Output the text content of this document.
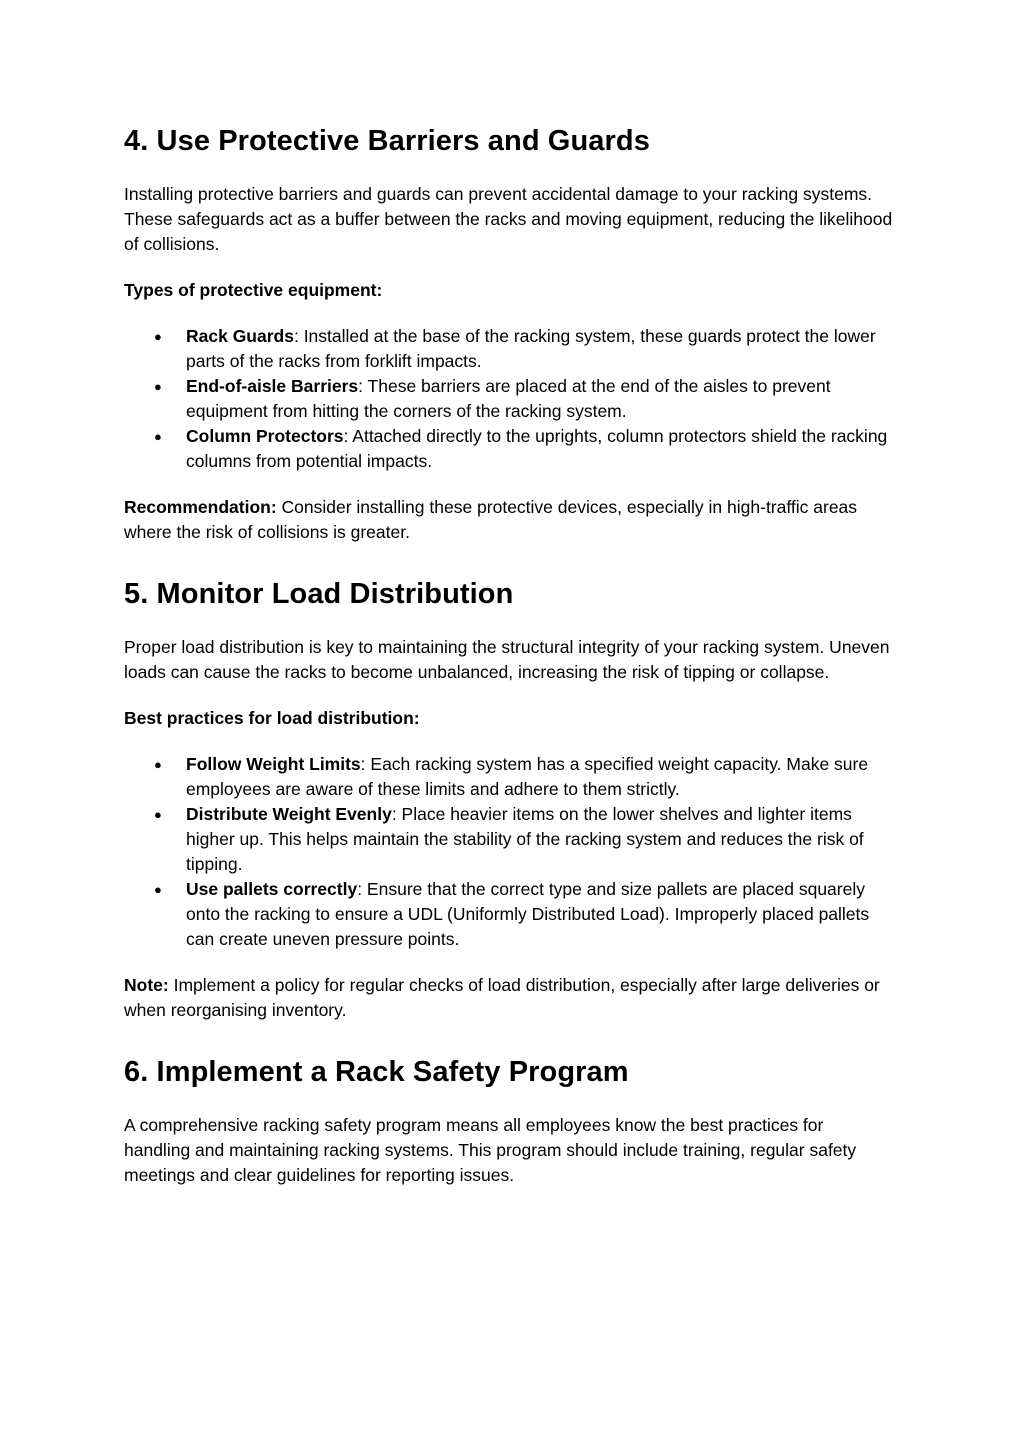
4. Use Protective Barriers and Guards

Installing protective barriers and guards can prevent accidental damage to your racking systems. These safeguards act as a buffer between the racks and moving equipment, reducing the likelihood of collisions.

Types of protective equipment:

● Rack Guards: Installed at the base of the racking system, these guards protect the lower parts of the racks from forklift impacts.
● End-of-aisle Barriers: These barriers are placed at the end of the aisles to prevent equipment from hitting the corners of the racking system.
● Column Protectors: Attached directly to the uprights, column protectors shield the racking columns from potential impacts.

Recommendation: Consider installing these protective devices, especially in high-traffic areas where the risk of collisions is greater.

5. Monitor Load Distribution

Proper load distribution is key to maintaining the structural integrity of your racking system. Uneven loads can cause the racks to become unbalanced, increasing the risk of tipping or collapse.

Best practices for load distribution:

● Follow Weight Limits: Each racking system has a specified weight capacity. Make sure employees are aware of these limits and adhere to them strictly.
● Distribute Weight Evenly: Place heavier items on the lower shelves and lighter items higher up. This helps maintain the stability of the racking system and reduces the risk of tipping.
● Use pallets correctly: Ensure that the correct type and size pallets are placed squarely onto the racking to ensure a UDL (Uniformly Distributed Load). Improperly placed pallets can create uneven pressure points.

Note: Implement a policy for regular checks of load distribution, especially after large deliveries or when reorganising inventory.

6. Implement a Rack Safety Program

A comprehensive racking safety program means all employees know the best practices for handling and maintaining racking systems. This program should include training, regular safety meetings and clear guidelines for reporting issues.
